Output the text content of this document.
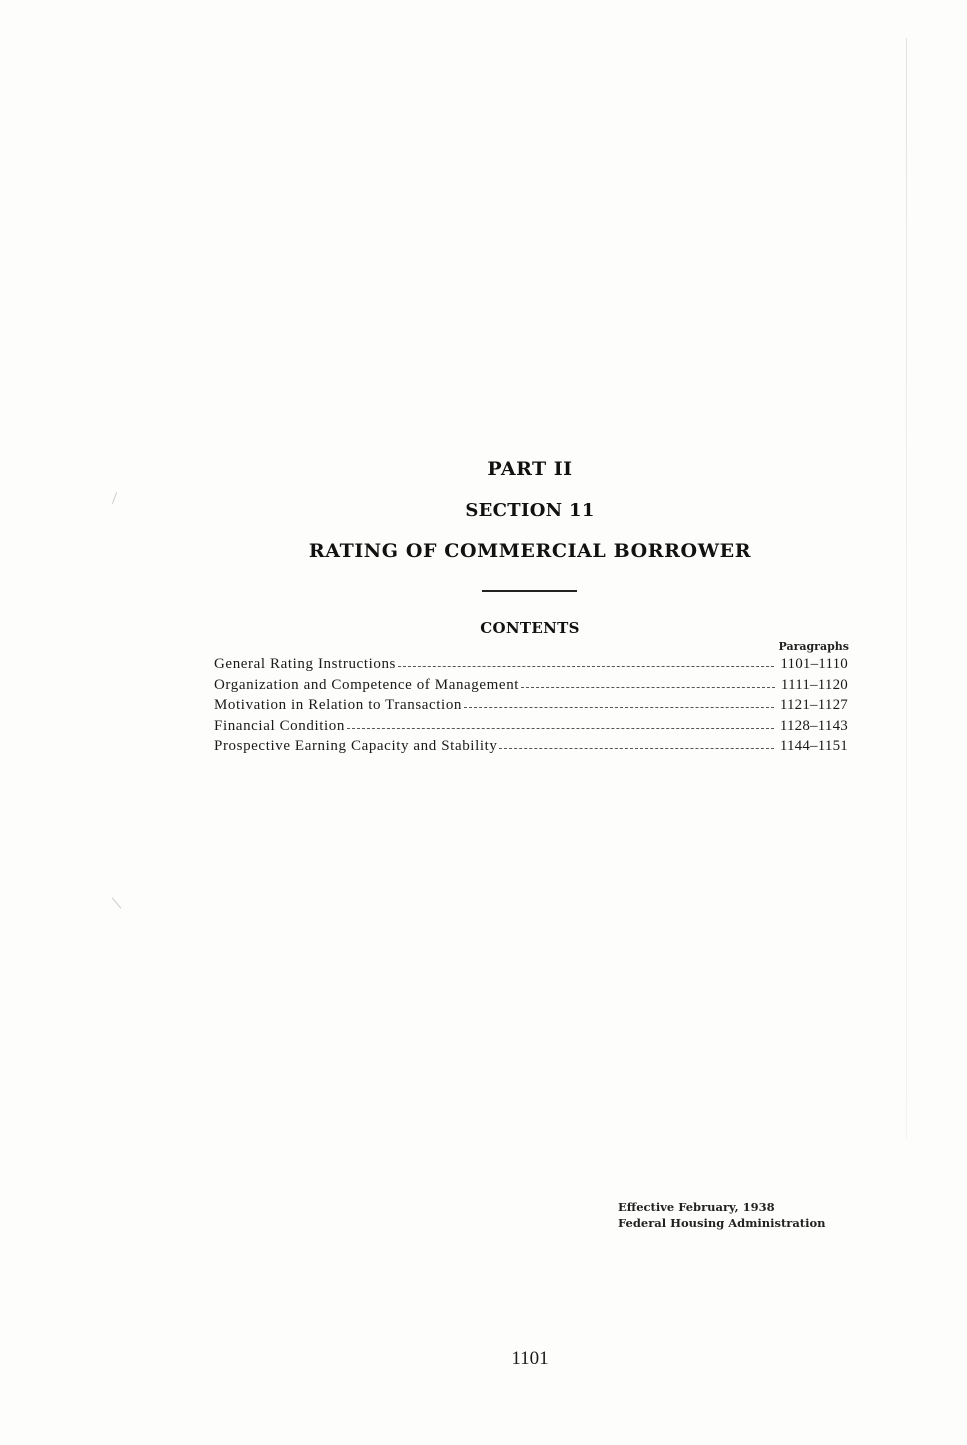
PART II
SECTION 11
RATING OF COMMERCIAL BORROWER
CONTENTS
Paragraphs
General Rating Instructions	1101–1110
Organization and Competence of Management	1111–1120
Motivation in Relation to Transaction	1121–1127
Financial Condition	1128–1143
Prospective Earning Capacity and Stability	1144–1151
Effective February, 1938
Federal Housing Administration
1101
